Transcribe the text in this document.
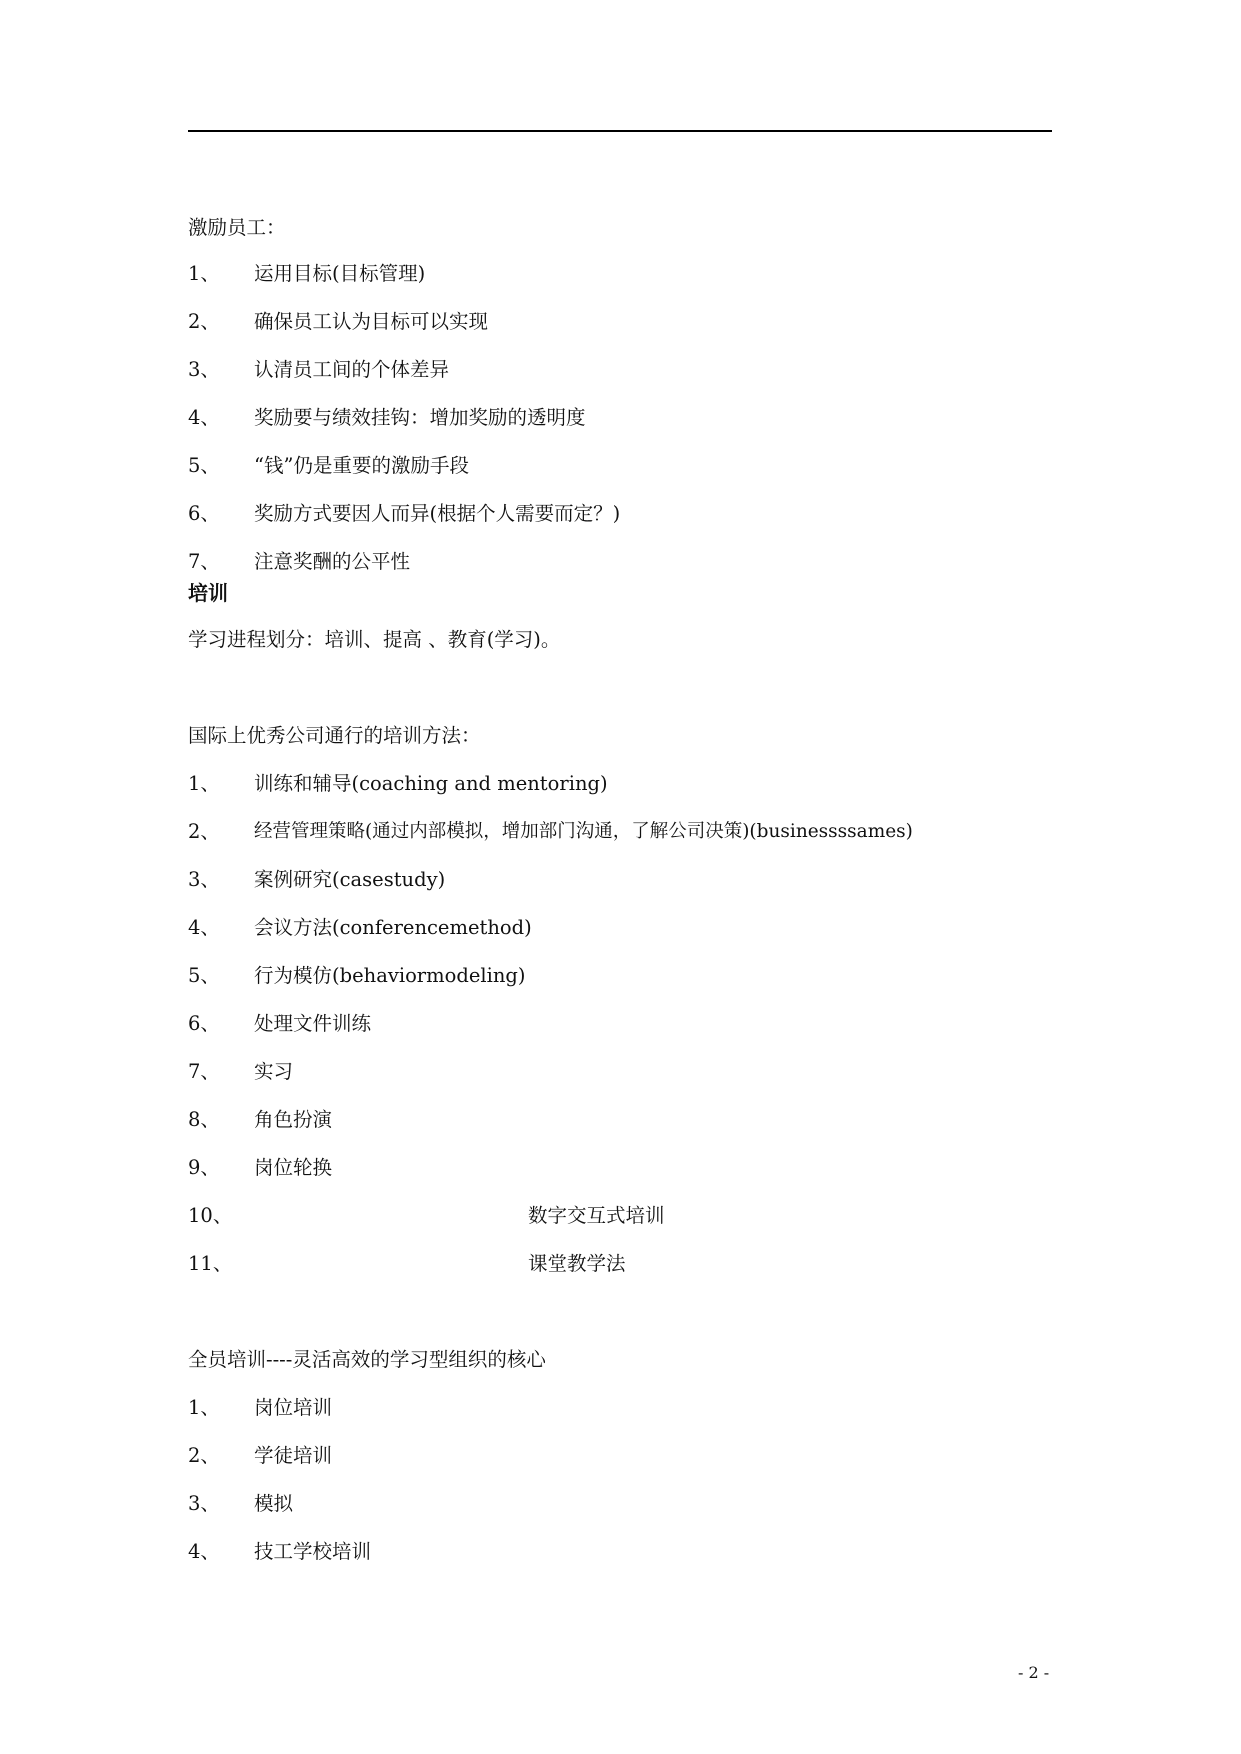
激励员工：
1、 运用目标(目标管理)
2、 确保员工认为目标可以实现
3、 认清员工间的个体差异
4、 奖励要与绩效挂钩：增加奖励的透明度
5、 “钱”仍是重要的激励手段
6、 奖励方式要因人而异(根据个人需要而定？)
7、 注意奖酬的公平性
培训
学习进程划分：培训、提高 、教育(学习)。
国际上优秀公司通行的培训方法：
1、 训练和辅导(coaching and mentoring)
2、 经营管理策略(通过内部模拟，增加部门沟通，了解公司决策)(businessssames)
3、 案例研究(casestudy)
4、 会议方法(conferencemethod)
5、 行为模仿(behaviormodeling)
6、 处理文件训练
7、 实习
8、 角色扮演
9、 岗位轮换
10、	数字交互式培训
11、	课堂教学法
全员培训----灵活高效的学习型组织的核心
1、 岗位培训
2、 学徒培训
3、 模拟
4、 技工学校培训
- 2 -
